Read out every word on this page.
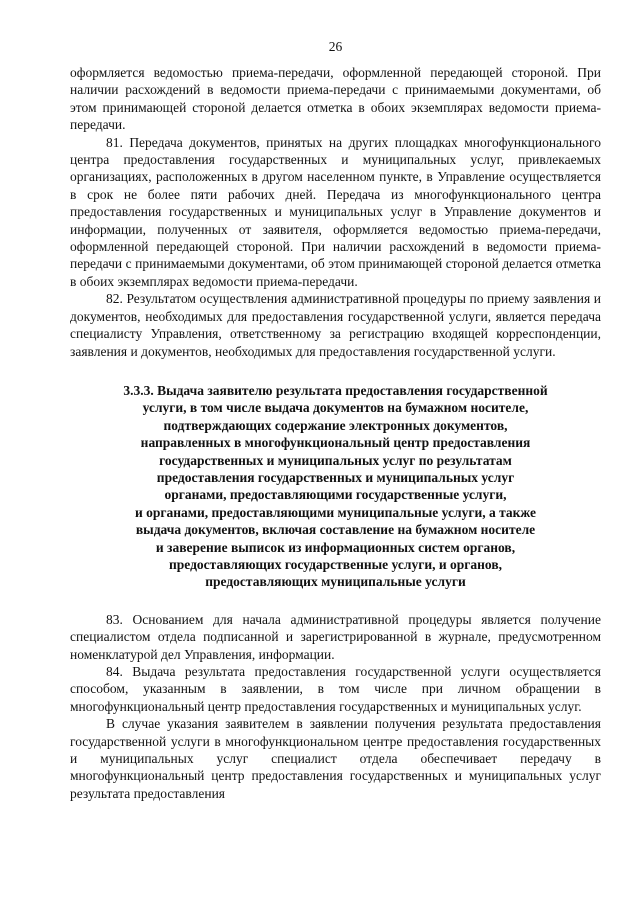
26

оформляется ведомостью приема-передачи, оформленной передающей стороной. При наличии расхождений в ведомости приема-передачи с принимаемыми документами, об этом принимающей стороной делается отметка в обоих экземплярах ведомости приема-передачи.

81. Передача документов, принятых на других площадках многофункционального центра предоставления государственных и муниципальных услуг, привлекаемых организациях, расположенных в другом населенном пункте, в Управление осуществляется в срок не более пяти рабочих дней. Передача из многофункционального центра предоставления государственных и муниципальных услуг в Управление документов и информации, полученных от заявителя, оформляется ведомостью приема-передачи, оформленной передающей стороной. При наличии расхождений в ведомости приема-передачи с принимаемыми документами, об этом принимающей стороной делается отметка в обоих экземплярах ведомости приема-передачи.

82. Результатом осуществления административной процедуры по приему заявления и документов, необходимых для предоставления государственной услуги, является передача специалисту Управления, ответственному за регистрацию входящей корреспонденции, заявления и документов, необходимых для предоставления государственной услуги.

3.3.3. Выдача заявителю результата предоставления государственной
услуги, в том числе выдача документов на бумажном носителе,
подтверждающих содержание электронных документов,
направленных в многофункциональный центр предоставления
государственных и муниципальных услуг по результатам
предоставления государственных и муниципальных услуг
органами, предоставляющими государственные услуги,
и органами, предоставляющими муниципальные услуги, а также
выдача документов, включая составление на бумажном носителе
и заверение выписок из информационных систем органов,
предоставляющих государственные услуги, и органов,
предоставляющих муниципальные услуги

83. Основанием для начала административной процедуры является получение специалистом отдела подписанной и зарегистрированной в журнале, предусмотренном номенклатурой дел Управления, информации.

84. Выдача результата предоставления государственной услуги осуществляется способом, указанным в заявлении, в том числе при личном обращении в многофункциональный центр предоставления государственных и муниципальных услуг.

В случае указания заявителем в заявлении получения результата предоставления государственной услуги в многофункциональном центре предоставления государственных и муниципальных услуг специалист отдела обеспечивает передачу в многофункциональный центр предоставления государственных и муниципальных услуг результата предоставления
